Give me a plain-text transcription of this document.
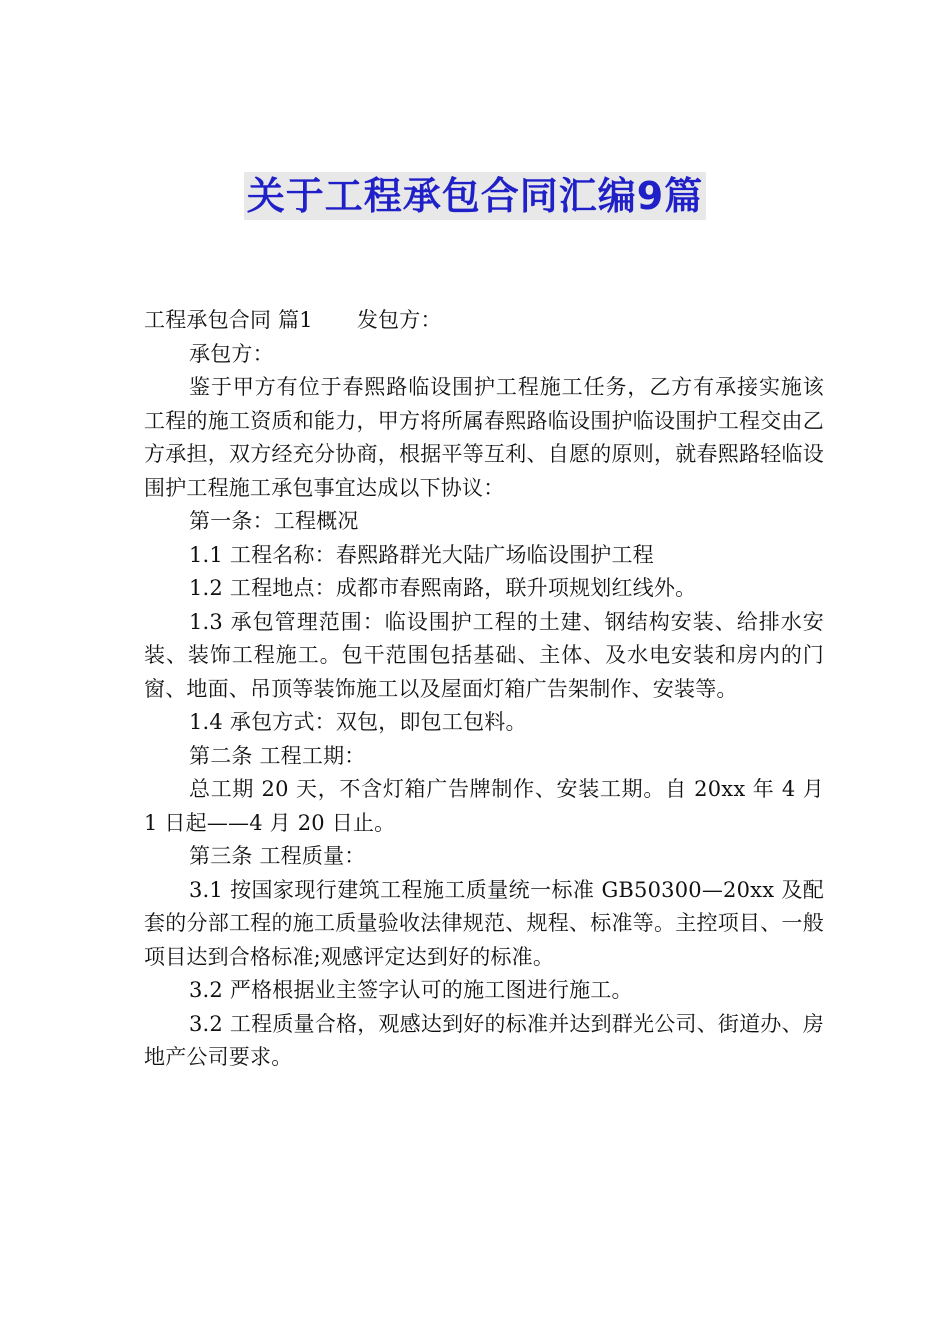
关于工程承包合同汇编9篇
工程承包合同 篇1 发包方：
承包方：
鉴于甲方有位于春熙路临设围护工程施工任务，乙方有承接实施该工程的施工资质和能力，甲方将所属春熙路临设围护临设围护工程交由乙方承担，双方经充分协商，根据平等互利、自愿的原则，就春熙路轻临设围护工程施工承包事宜达成以下协议：
第一条：工程概况
1.1 工程名称：春熙路群光大陆广场临设围护工程
1.2 工程地点：成都市春熙南路，联升项规划红线外。
1.3 承包管理范围：临设围护工程的土建、钢结构安装、给排水安装、装饰工程施工。包干范围包括基础、主体、及水电安装和房内的门窗、地面、吊顶等装饰施工以及屋面灯箱广告架制作、安装等。
1.4 承包方式：双包，即包工包料。
第二条 工程工期：
总工期 20 天，不含灯箱广告牌制作、安装工期。自 20xx 年 4 月 1 日起——4 月 20 日止。
第三条 工程质量：
3.1 按国家现行建筑工程施工质量统一标准 GB50300—20xx 及配套的分部工程的施工质量验收法律规范、规程、标准等。主控项目、一般项目达到合格标准;观感评定达到好的标准。
3.2 严格根据业主签字认可的施工图进行施工。
3.2 工程质量合格，观感达到好的标准并达到群光公司、街道办、房地产公司要求。
